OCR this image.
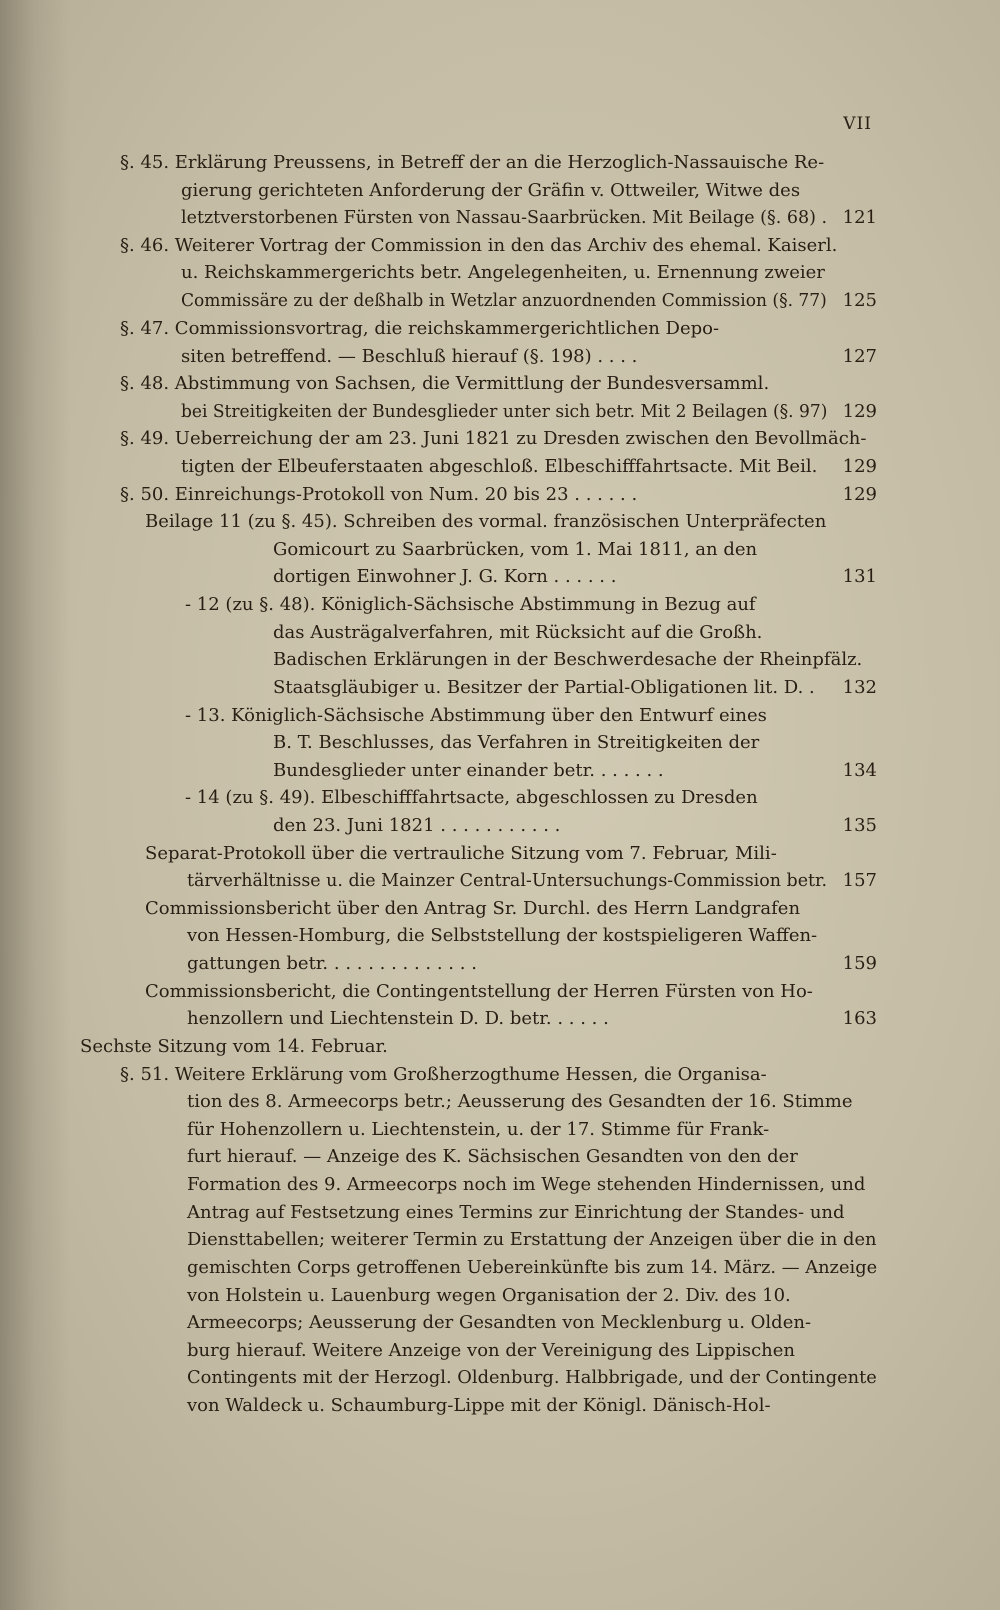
VII
§. 45. Erklärung Preussens, in Betreff der an die Herzoglich-Nassauische Re-
gierung gerichteten Anforderung der Gräfin v. Ottweiler, Witwe des
letztverstorbenen Fürsten von Nassau-Saarbrücken. Mit Beilage (§. 68) . 121
§. 46. Weiterer Vortrag der Commission in den das Archiv des ehemal. Kaiserl.
u. Reichskammergerichts betr. Angelegenheiten, u. Ernennung zweier
Commissäre zu der deßhalb in Wetzlar anzuordnenden Commission (§. 77) 125
§. 47. Commissionsvortrag, die reichskammergerichtlichen Depo-
siten betreffend. — Beschluß hierauf (§. 198) . . . .	127
§. 48. Abstimmung von Sachsen, die Vermittlung der Bundesversamml.
bei Streitigkeiten der Bundesglieder unter sich betr. Mit 2 Beilagen (§. 97) 129
§. 49. Ueberreichung der am 23. Juni 1821 zu Dresden zwischen den Bevollmäch-
tigten der Elbeuferstaaten abgeschloß. Elbeschifffahrtsacte. Mit Beil. 129
§. 50. Einreichungs-Protokoll von Num. 20 bis 23 . . . . . .	129
Beilage 11 (zu §. 45). Schreiben des vormal. französischen Unterpräfecten
Gomicourt zu Saarbrücken, vom 1. Mai 1811, an den
dortigen Einwohner J. G. Korn . . . . . .	131
- 12 (zu §. 48). Königlich-Sächsische Abstimmung in Bezug auf
das Austrägalverfahren, mit Rücksicht auf die Großh.
Badischen Erklärungen in der Beschwerdesache der Rheinpfälz.
Staatsgläubiger u. Besitzer der Partial-Obligationen lit. D. . 132
- 13. Königlich-Sächsische Abstimmung über den Entwurf eines
B. T. Beschlusses, das Verfahren in Streitigkeiten der
Bundesglieder unter einander betr. . . . . . .	134
- 14 (zu §. 49). Elbeschifffahrtsacte, abgeschlossen zu Dresden
den 23. Juni 1821 . . . . . . . . . . .	135
Separat-Protokoll über die vertrauliche Sitzung vom 7. Februar, Mili-
tärverhältnisse u. die Mainzer Central-Untersuchungs-Commission betr. 157
Commissionsbericht über den Antrag Sr. Durchl. des Herrn Landgrafen
von Hessen-Homburg, die Selbststellung der kostspieligeren Waffen-
gattungen betr. . . . . . . . . . . . . .	159
Commissionsbericht, die Contingentstellung der Herren Fürsten von Ho-
henzollern und Liechtenstein D. D. betr. . . . . .	163
Sechste Sitzung vom 14. Februar.
§. 51. Weitere Erklärung vom Großherzogthume Hessen, die Organisa-
tion des 8. Armeecorps betr.; Aeusserung des Gesandten der 16. Stimme
für Hohenzollern u. Liechtenstein, u. der 17. Stimme für Frank-
furt hierauf. — Anzeige des K. Sächsischen Gesandten von den der
Formation des 9. Armeecorps noch im Wege stehenden Hindernissen, und
Antrag auf Festsetzung eines Termins zur Einrichtung der Standes- und
Diensttabellen; weiterer Termin zu Erstattung der Anzeigen über die in den
gemischten Corps getroffenen Uebereinkünfte bis zum 14. März. — Anzeige
von Holstein u. Lauenburg wegen Organisation der 2. Div. des 10.
Armeecorps; Aeusserung der Gesandten von Mecklenburg u. Olden-
burg hierauf. Weitere Anzeige von der Vereinigung des Lippischen
Contingents mit der Herzogl. Oldenburg. Halbbrigade, und der Contingente
von Waldeck u. Schaumburg-Lippe mit der Königl. Dänisch-Hol-
